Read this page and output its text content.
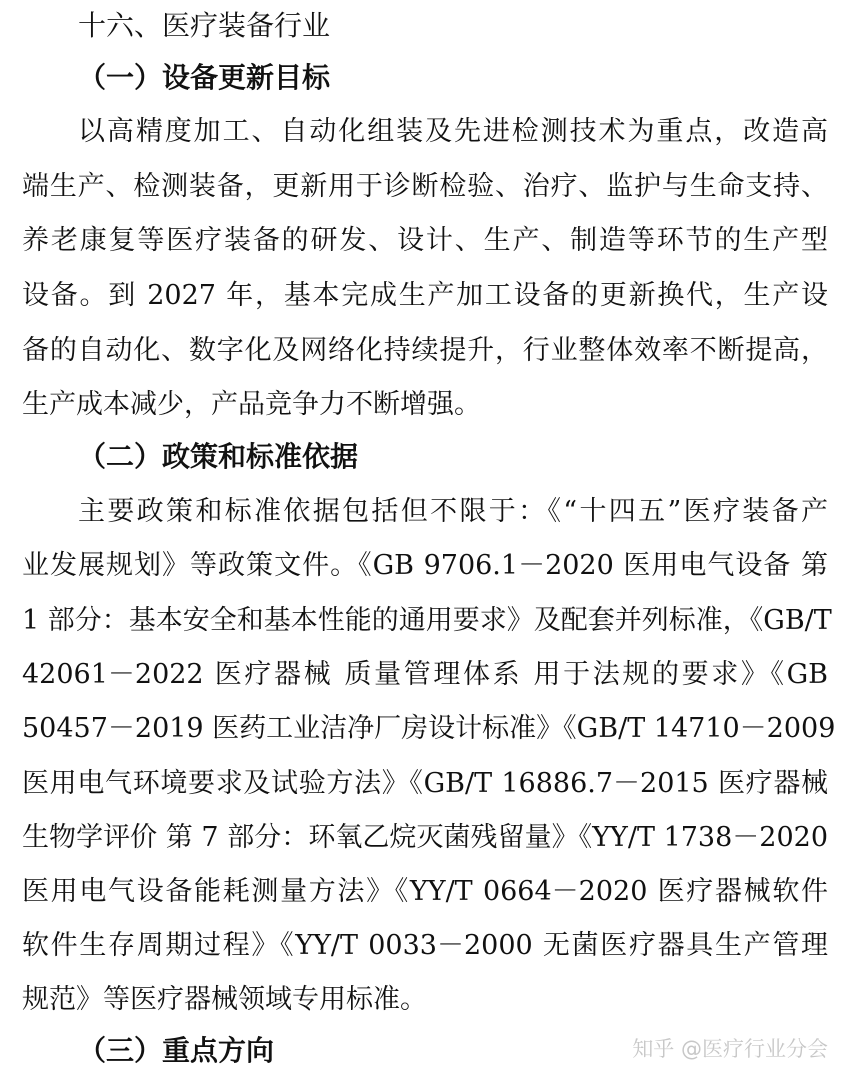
十六、医疗装备行业
（一）设备更新目标
以高精度加工、自动化组装及先进检测技术为重点，改造高
端生产、检测装备，更新用于诊断检验、治疗、监护与生命支持、
养老康复等医疗装备的研发、设计、生产、制造等环节的生产型
设备。到 2027 年，基本完成生产加工设备的更新换代，生产设
备的自动化、数字化及网络化持续提升，行业整体效率不断提高，
生产成本减少，产品竞争力不断增强。
（二）政策和标准依据
主要政策和标准依据包括但不限于：《“十四五”医疗装备产
业发展规划》等政策文件。《GB 9706.1－2020 医用电气设备 第
1 部分：基本安全和基本性能的通用要求》及配套并列标准，《GB/T
42061－2022 医疗器械 质量管理体系 用于法规的要求》《GB
50457－2019 医药工业洁净厂房设计标准》《GB/T 14710－2009
医用电气环境要求及试验方法》《GB/T 16886.7－2015 医疗器械
生物学评价 第 7 部分：环氧乙烷灭菌残留量》《YY/T 1738－2020
医用电气设备能耗测量方法》《YY/T 0664－2020 医疗器械软件
软件生存周期过程》《YY/T 0033－2000 无菌医疗器具生产管理
规范》等医疗器械领域专用标准。
（三）重点方向	知乎 @医疗行业分会
